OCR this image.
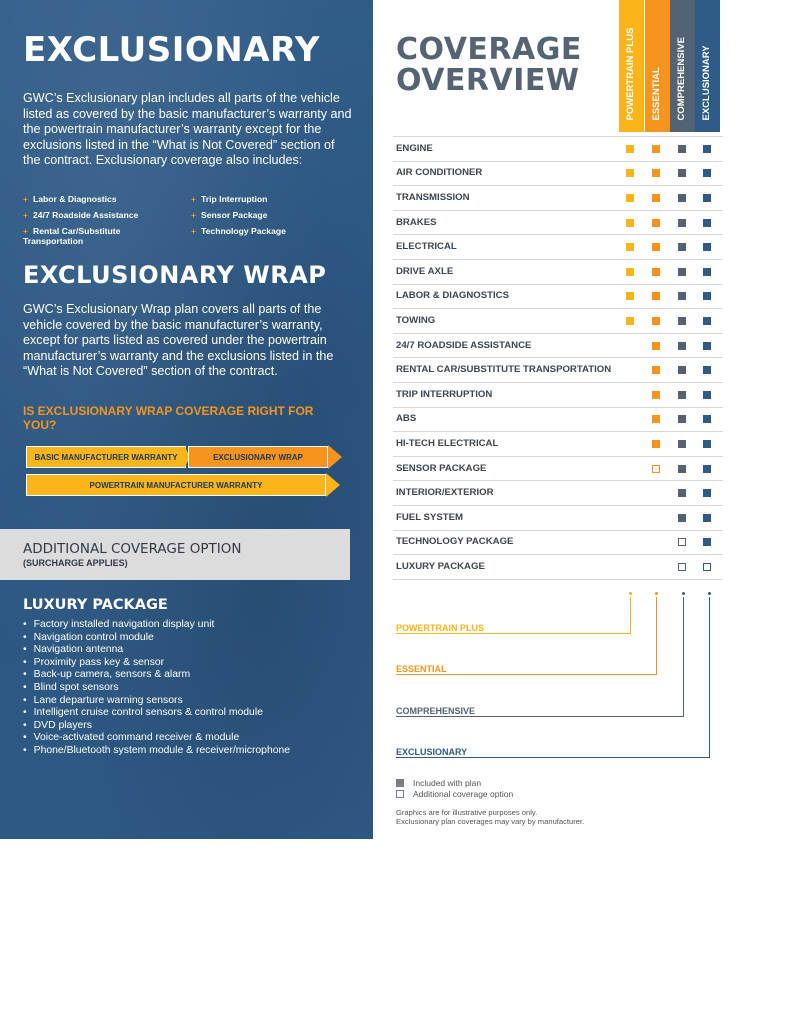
EXCLUSIONARY
GWC’s Exclusionary plan includes all parts of the vehicle listed as covered by the basic manufacturer’s warranty and the powertrain manufacturer’s warranty except for the exclusions listed in the “What is Not Covered” section of the contract. Exclusionary coverage also includes:
+ Labor & Diagnostics
+ 24/7 Roadside Assistance
+ Rental Car/Substitute Transportation
+ Trip Interruption
+ Sensor Package
+ Technology Package
EXCLUSIONARY WRAP
GWC’s Exclusionary Wrap plan covers all parts of the vehicle covered by the basic manufacturer’s warranty, except for parts listed as covered under the powertrain manufacturer’s warranty and the exclusions listed in the “What is Not Covered” section of the contract.
IS EXCLUSIONARY WRAP COVERAGE RIGHT FOR YOU?
BASIC MANUFACTURER WARRANTY	EXCLUSIONARY WRAP
POWERTRAIN MANUFACTURER WARRANTY
ADDITIONAL COVERAGE OPTION
(SURCHARGE APPLIES)
LUXURY PACKAGE
• Factory installed navigation display unit
• Navigation control module
• Navigation antenna
• Proximity pass key & sensor
• Back-up camera, sensors & alarm
• Blind spot sensors
• Lane departure warning sensors
• Intelligent cruise control sensors & control module
• DVD players
• Voice-activated command receiver & module
• Phone/Bluetooth system module & receiver/microphone
COVERAGE
OVERVIEW	POWERTRAIN PLUS ESSENTIAL COMPREHENSIVE EXCLUSIONARY
ENGINE
AIR CONDITIONER
TRANSMISSION
BRAKES
ELECTRICAL
DRIVE AXLE
LABOR & DIAGNOSTICS
TOWING
24/7 ROADSIDE ASSISTANCE
RENTAL CAR/SUBSTITUTE TRANSPORTATION
TRIP INTERRUPTION
ABS
HI-TECH ELECTRICAL
SENSOR PACKAGE
INTERIOR/EXTERIOR
FUEL SYSTEM
TECHNOLOGY PACKAGE
LUXURY PACKAGE
POWERTRAIN PLUS
ESSENTIAL
COMPREHENSIVE
EXCLUSIONARY
Included with plan
Additional coverage option
Graphics are for illustrative purposes only.
Exclusionary plan coverages may vary by manufacturer.
